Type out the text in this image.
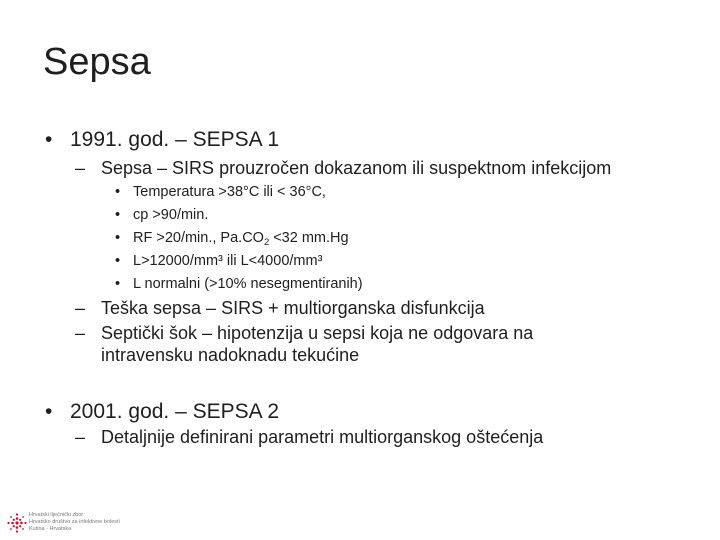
Sepsa
• 1991. god. – SEPSA 1
– Sepsa – SIRS prouzročen dokazanom ili suspektnom infekcijom
• Temperatura >38°C ili < 36°C,
• cp >90/min.
• RF >20/min., $Pa.CO_2 <32$ mm.Hg
• L>12000/mm³ ili L<4000/mm³
• L normalni (>10% nesegmentiranih)
– Teška sepsa – SIRS + multiorganska disfunkcija
– Septički šok – hipotenzija u sepsi koja ne odgovara na
intravensku nadoknadu tekućine
• 2001. god. – SEPSA 2
– Detaljnije definirani parametri multiorganskog oštećenja
Hrvatski liječnički zbor
Hrvatsko društvo za infektivne bolesti
Kutina · Hrvatska
